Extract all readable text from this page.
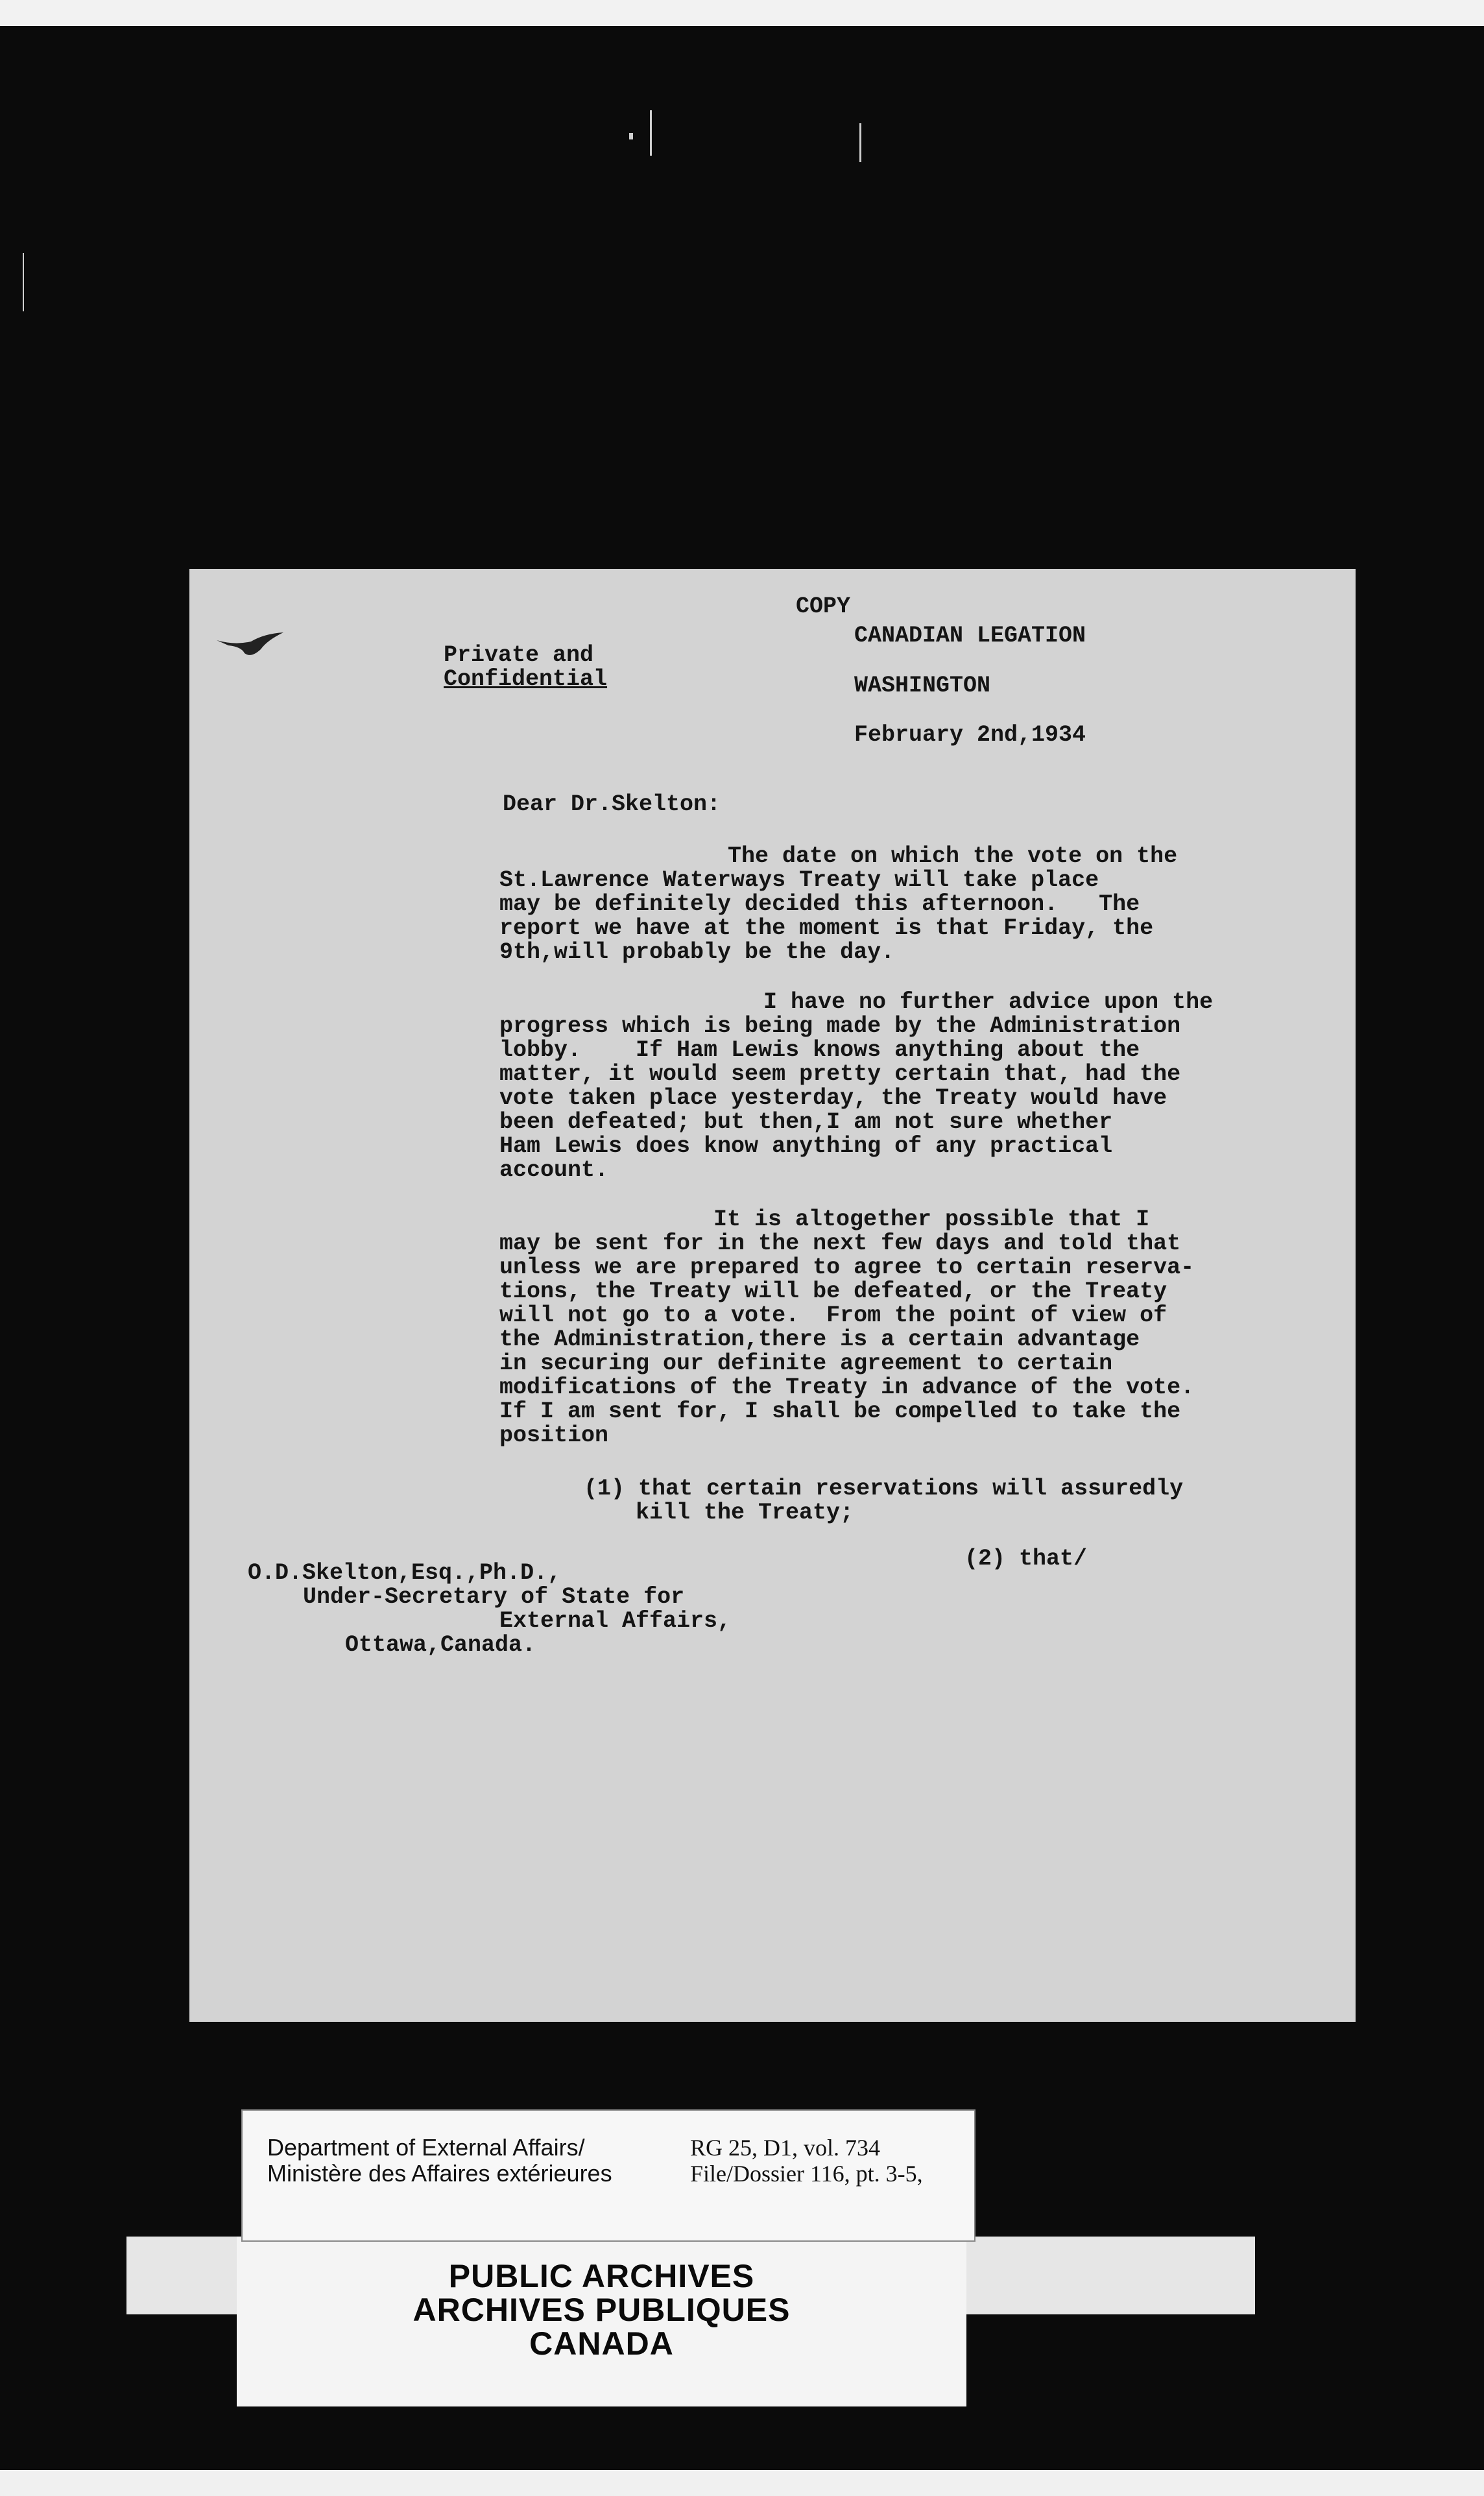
COPY
CANADIAN LEGATION
Private and
Confidential	WASHINGTON
February 2nd,1934
Dear Dr.Skelton:
The date on which the vote on the
St.Lawrence Waterways Treaty will take place
may be definitely decided this afternoon.   The
report we have at the moment is that Friday, the
9th,will probably be the day.
I have no further advice upon the
progress which is being made by the Administration
lobby.    If Ham Lewis knows anything about the
matter, it would seem pretty certain that, had the
vote taken place yesterday, the Treaty would have
been defeated; but then,I am not sure whether
Ham Lewis does know anything of any practical
account.
It is altogether possible that I
may be sent for in the next few days and told that
unless we are prepared to agree to certain reserva-
tions, the Treaty will be defeated, or the Treaty
will not go to a vote.  From the point of view of
the Administration,there is a certain advantage
in securing our definite agreement to certain
modifications of the Treaty in advance of the vote.
If I am sent for, I shall be compelled to take the
position
(1) that certain reservations will assuredly
kill the Treaty;
(2) that/
O.D.Skelton,Esq.,Ph.D.,
Under-Secretary of State for
External Affairs,
Ottawa,Canada.
PUBLIC ARCHIVES
ARCHIVES PUBLIQUES
CANADA
Department of External Affairs/
Ministère des Affaires extérieures
RG 25, D1, vol. 734
File/Dossier 116, pt. 3-5,
